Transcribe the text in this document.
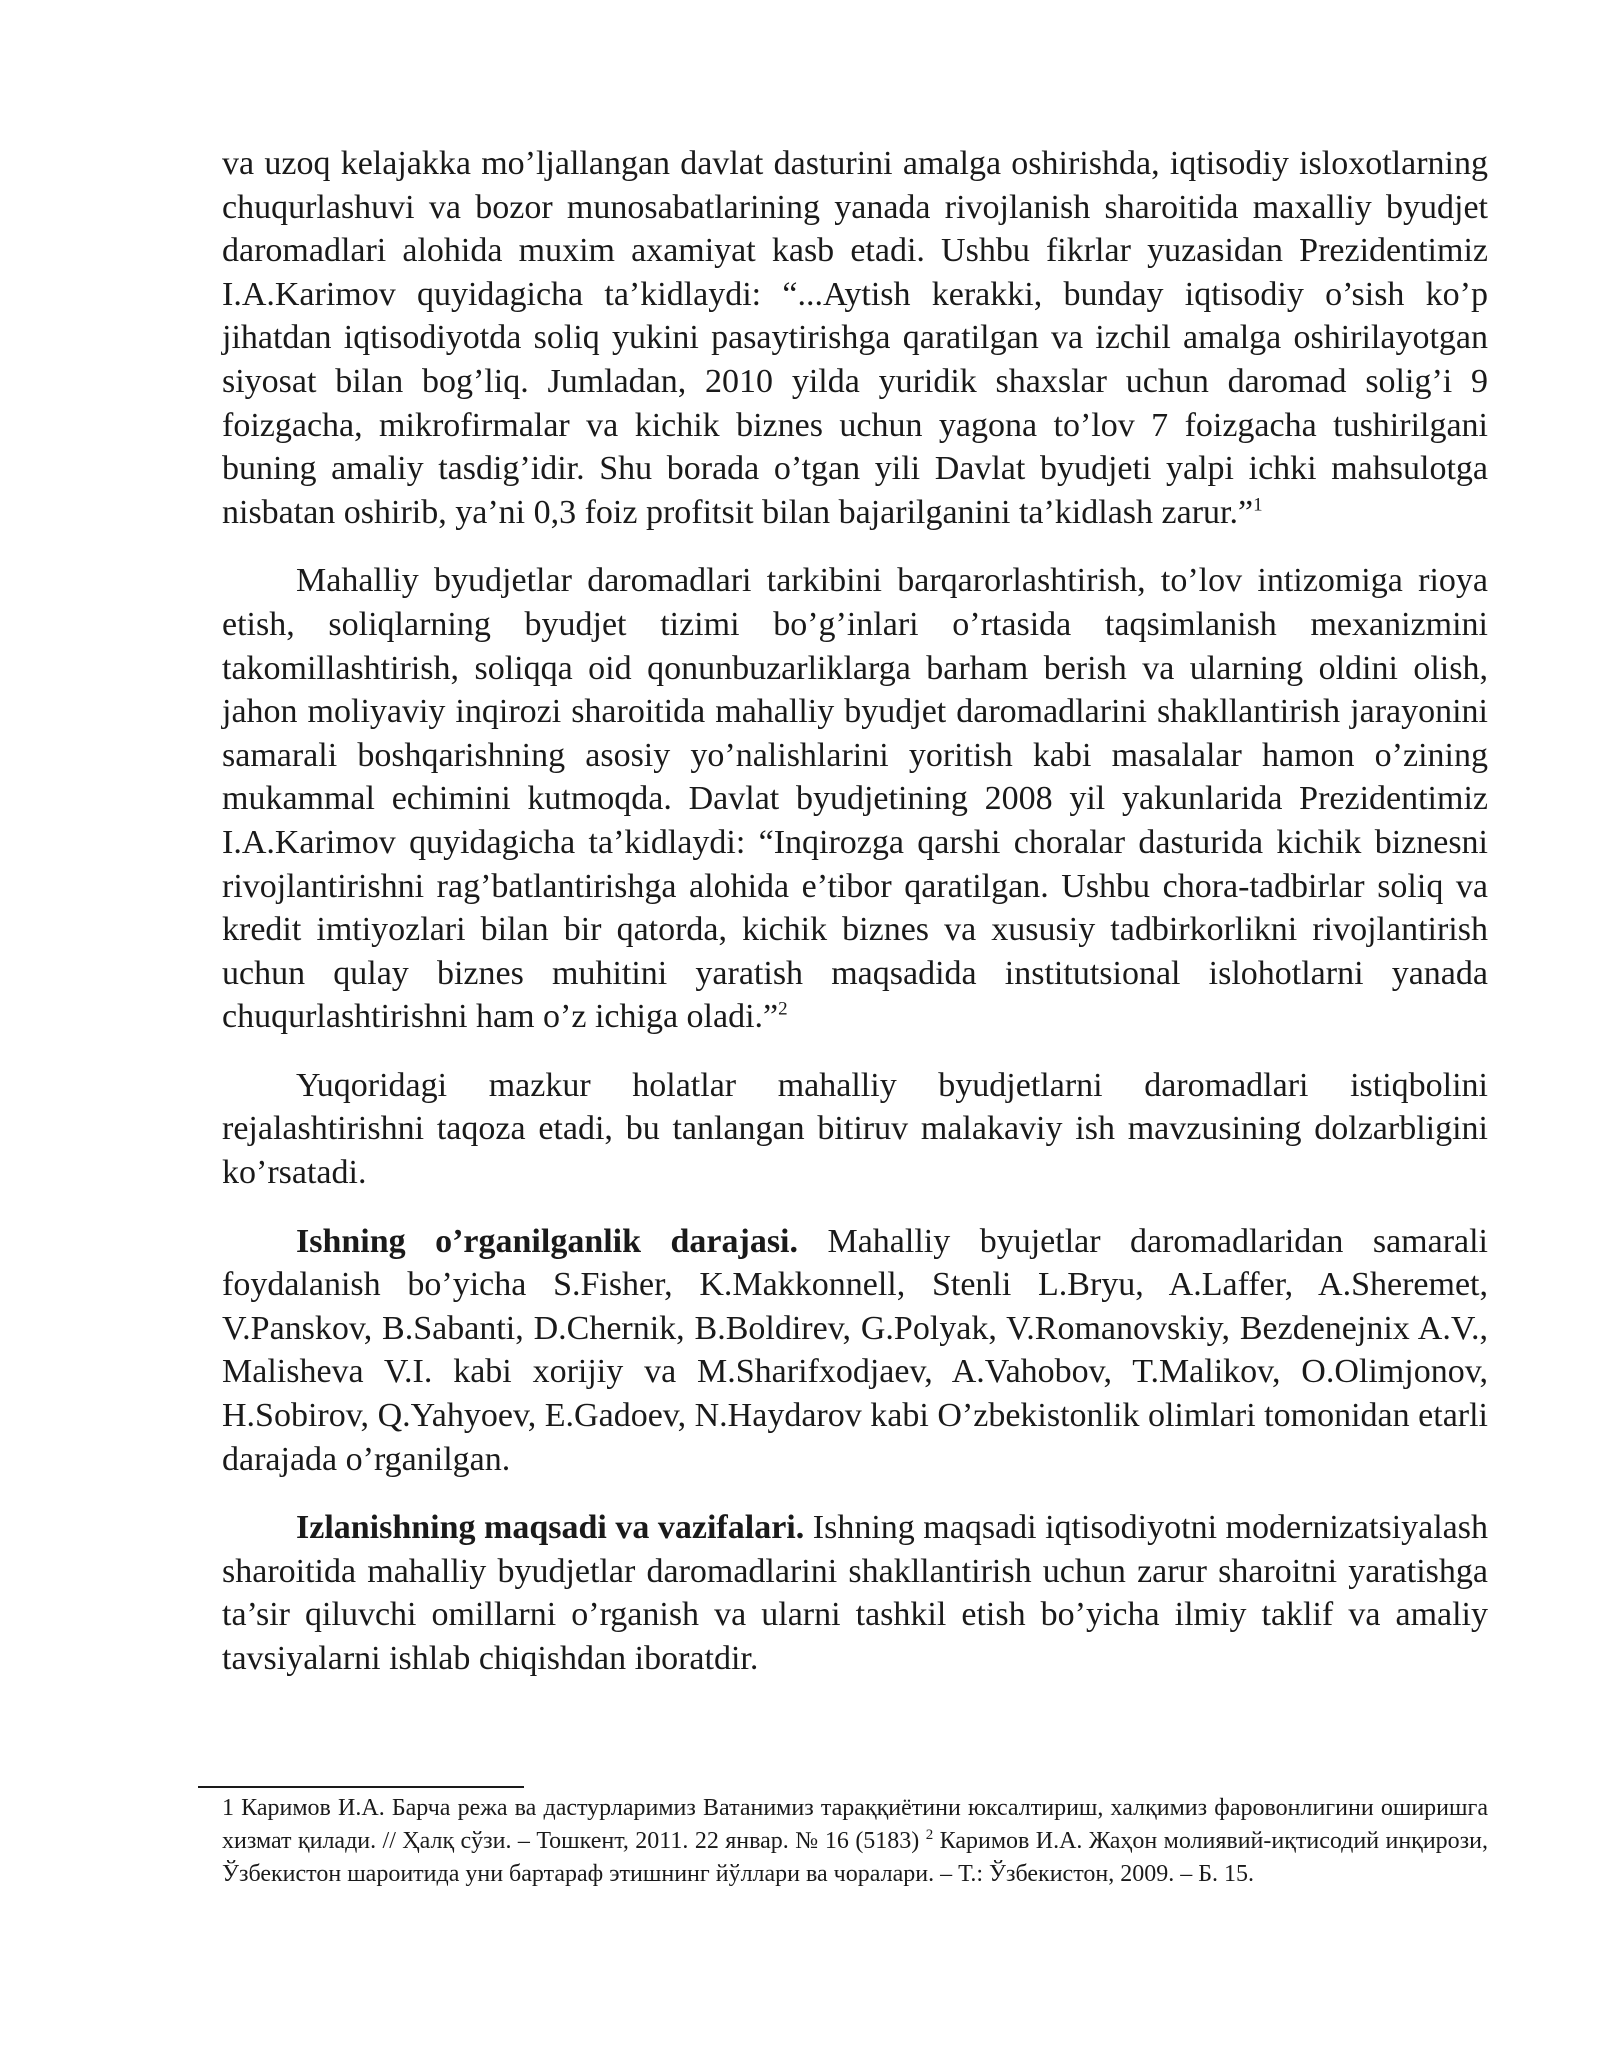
va uzoq kelajakka mo’ljallangan davlat dasturini amalga oshirishda, iqtisodiy isloxotlarning chuqurlashuvi va bozor munosabatlarining yanada rivojlanish sharoitida maxalliy byudjet daromadlari alohida muxim axamiyat kasb etadi. Ushbu fikrlar yuzasidan Prezidentimiz I.A.Karimov quyidagicha ta’kidlaydi: “...Aytish kerakki, bunday iqtisodiy o’sish ko’p jihatdan iqtisodiyotda soliq yukini pasaytirishga qaratilgan va izchil amalga oshirilayotgan siyosat bilan bog’liq. Jumladan, 2010 yilda yuridik shaxslar uchun daromad solig’i 9 foizgacha, mikrofirmalar va kichik biznes uchun yagona to’lov 7 foizgacha tushirilgani buning amaliy tasdig’idir. Shu borada o’tgan yili Davlat byudjeti yalpi ichki mahsulotga nisbatan oshirib, ya’ni 0,3 foiz profitsit bilan bajarilganini ta’kidlash zarur.”$^1$

Mahalliy byudjetlar daromadlari tarkibini barqarorlashtirish, to’lov intizomiga rioya etish, soliqlarning byudjet tizimi bo’g’inlari o’rtasida taqsimlanish mexanizmini takomillashtirish, soliqqa oid qonunbuzarliklarga barham berish va ularning oldini olish, jahon moliyaviy inqirozi sharoitida mahalliy byudjet daromadlarini shakllantirish jarayonini samarali boshqarishning asosiy yo’nalishlarini yoritish kabi masalalar hamon o’zining mukammal echimini kutmoqda. Davlat byudjetining 2008 yil yakunlarida Prezidentimiz I.A.Karimov quyidagicha ta’kidlaydi: “Inqirozga qarshi choralar dasturida kichik biznesni rivojlantirishni rag’batlantirishga alohida e’tibor qaratilgan. Ushbu chora-tadbirlar soliq va kredit imtiyozlari bilan bir qatorda, kichik biznes va xususiy tadbirkorlikni rivojlantirish uchun qulay biznes muhitini yaratish maqsadida institutsional islohotlarni yanada chuqurlashtirishni ham o’z ichiga oladi.”$^2$

Yuqoridagi mazkur holatlar mahalliy byudjetlarni daromadlari istiqbolini rejalashtirishni taqoza etadi, bu tanlangan bitiruv malakaviy ish mavzusining dolzarbligini ko’rsatadi.

Ishning o’rganilganlik darajasi. Mahalliy byujetlar daromadlaridan samarali foydalanish bo’yicha S.Fisher, K.Makkonnell, Stenli L.Bryu, A.Laffer, A.Sheremet, V.Panskov, B.Sabanti, D.Chernik, B.Boldirev, G.Polyak, V.Romanovskiy, Bezdenejnix A.V., Malisheva V.I. kabi xorijiy va M.Sharifxodjaev, A.Vahobov, T.Malikov, O.Olimjonov, H.Sobirov, Q.Yahyoev, E.Gadoev, N.Haydarov kabi O’zbekistonlik olimlari tomonidan etarli darajada o’rganilgan.

Izlanishning maqsadi va vazifalari. Ishning maqsadi iqtisodiyotni modernizatsiyalash sharoitida mahalliy byudjetlar daromadlarini shakllantirish uchun zarur sharoitni yaratishga ta’sir qiluvchi omillarni o’rganish va ularni tashkil etish bo’yicha ilmiy taklif va amaliy tavsiyalarni ishlab chiqishdan iboratdir.

1 Каримов И.А. Барча режа ва дастурларимиз Ватанимиз тараққиётини юксалтириш, халқимиз фаровонлигини оширишга хизмат қилади. // Ҳалқ сўзи. – Тошкент, 2011. 22 январ. № 16 (5183) $^2$ Каримов И.А. Жаҳон молиявий-иқтисодий инқирози, Ўзбекистон шароитида уни бартараф этишнинг йўллари ва чоралари. – Т.: Ўзбекистон, 2009. – Б. 15.
